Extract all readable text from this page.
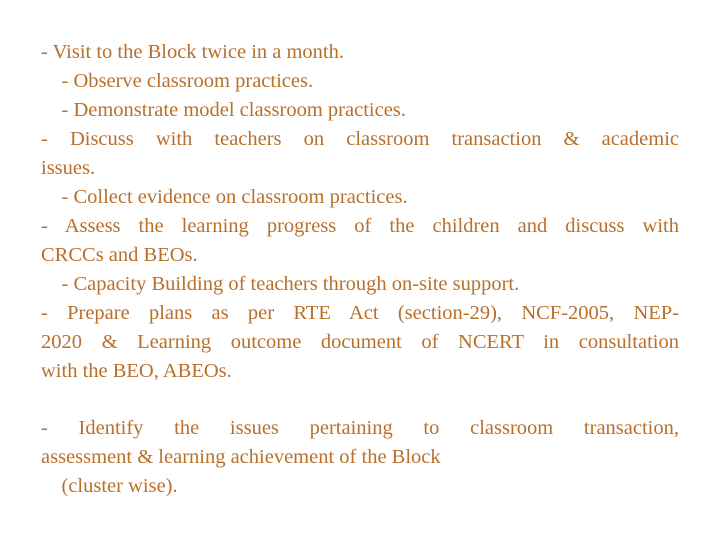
- Visit to the Block twice in a month.
- Observe classroom practices.
- Demonstrate model classroom practices.
- Discuss with teachers on classroom transaction & academic
issues.
- Collect evidence on classroom practices.
- Assess the learning progress of the children and discuss with
CRCCs and BEOs.
- Capacity Building of teachers through on-site support.
- Prepare plans as per RTE Act (section-29), NCF-2005, NEP-
2020 & Learning outcome document of NCERT in consultation
with the BEO, ABEOs.
- Identify the issues pertaining to classroom transaction,
assessment & learning achievement of the Block
(cluster wise).
